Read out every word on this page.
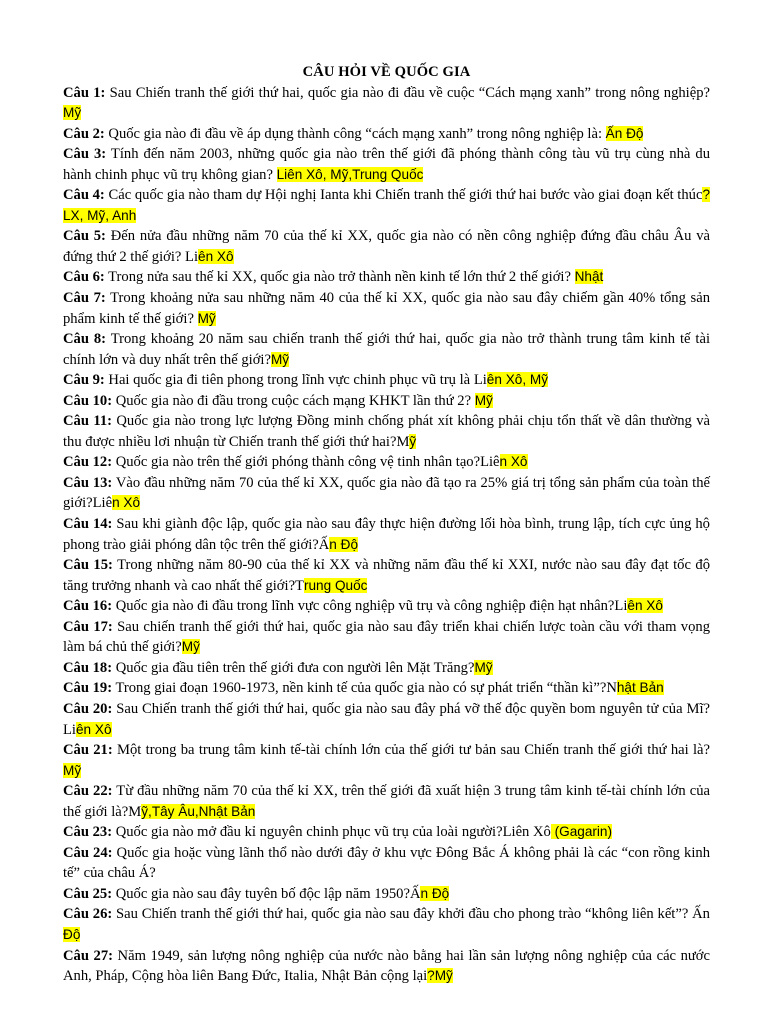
CÂU HỎI VỀ QUỐC GIA

Câu 1: Sau Chiến tranh thế giới thứ hai, quốc gia nào đi đầu về cuộc “Cách mạng xanh” trong nông nghiệp? Mỹ

Câu 2: Quốc gia nào đi đầu về áp dụng thành công “cách mạng xanh” trong nông nghiệp là: Ấn Độ

Câu 3: Tính đến năm 2003, những quốc gia nào trên thế giới đã phóng thành công tàu vũ trụ cùng nhà du hành chinh phục vũ trụ không gian? Liên Xô, Mỹ,Trung Quốc

Câu 4: Các quốc gia nào tham dự Hội nghị Ianta khi Chiến tranh thế giới thứ hai bước vào giai đoạn kết thúc? LX, Mỹ, Anh

Câu 5: Đến nửa đầu những năm 70 của thế kỉ XX, quốc gia nào có nền công nghiệp đứng đầu châu Âu và đứng thứ 2 thế giới? Liên Xô

Câu 6: Trong nửa sau thế kỉ XX, quốc gia nào trở thành nền kinh tế lớn thứ 2 thế giới? Nhật

Câu 7: Trong khoảng nửa sau những năm 40 của thế kỉ XX, quốc gia nào sau đây chiếm gần 40% tổng sản phẩm kinh tế thế giới? Mỹ

Câu 8: Trong khoảng 20 năm sau chiến tranh thế giới thứ hai, quốc gia nào trở thành trung tâm kinh tế tài chính lớn và duy nhất trên thế giới?Mỹ

Câu 9: Hai quốc gia đi tiên phong trong lĩnh vực chinh phục vũ trụ là Liên Xô, Mỹ

Câu 10: Quốc gia nào đi đầu trong cuộc cách mạng KHKT lần thứ 2? Mỹ

Câu 11: Quốc gia nào trong lực lượng Đồng minh chống phát xít không phải chịu tổn thất về dân thường và thu được nhiều lơi nhuận từ Chiến tranh thế giới thứ hai?Mỹ

Câu 12: Quốc gia nào trên thế giới phóng thành công vệ tinh nhân tạo?Liên Xô

Câu 13: Vào đầu những năm 70 của thế kỉ XX, quốc gia nào đã tạo ra 25% giá trị tổng sản phẩm của toàn thế giới?Liên Xô

Câu 14: Sau khi giành độc lập, quốc gia nào sau đây thực hiện đường lối hòa bình, trung lập, tích cực ủng hộ phong trào giải phóng dân tộc trên thế giới?Ấn Độ

Câu 15: Trong những năm 80-90 của thế kỉ XX và những năm đầu thế kỉ XXI, nước nào sau đây đạt tốc độ tăng trưởng nhanh và cao nhất thế giới?Trung Quốc

Câu 16: Quốc gia nào đi đầu trong lĩnh vực công nghiệp vũ trụ và công nghiệp điện hạt nhân?Liên Xô

Câu 17: Sau chiến tranh thế giới thứ hai, quốc gia nào sau đây triển khai chiến lược toàn cầu với tham vọng làm bá chủ thế giới?Mỹ

Câu 18: Quốc gia đầu tiên trên thế giới đưa con người lên Mặt Trăng?Mỹ

Câu 19: Trong giai đoạn 1960-1973, nền kinh tế của quốc gia nào có sự phát triển “thần kì”?Nhật Bản

Câu 20: Sau Chiến tranh thế giới thứ hai, quốc gia nào sau đây phá vỡ thế độc quyền bom nguyên tử của Mĩ?Liên Xô

Câu 21: Một trong ba trung tâm kinh tế-tài chính lớn của thế giới tư bản sau Chiến tranh thế giới thứ hai là?Mỹ

Câu 22: Từ đầu những năm 70 của thế kỉ XX, trên thế giới đã xuất hiện 3 trung tâm kinh tế-tài chính lớn của thế giới là?Mỹ,Tây Âu,Nhật Bản

Câu 23: Quốc gia nào mở đầu kỉ nguyên chinh phục vũ trụ của loài người?Liên Xô (Gagarin)

Câu 24: Quốc gia hoặc vùng lãnh thổ nào dưới đây ở khu vực Đông Bắc Á không phải là các “con rồng kinh tế” của châu Á?

Câu 25: Quốc gia nào sau đây tuyên bố độc lập năm 1950?Ấn Độ

Câu 26: Sau Chiến tranh thế giới thứ hai, quốc gia nào sau đây khởi đầu cho phong trào “không liên kết”? Ấn Độ

Câu 27: Năm 1949, sản lượng nông nghiệp của nước nào bằng hai lần sản lượng nông nghiệp của các nước Anh, Pháp, Cộng hòa liên Bang Đức, Italia, Nhật Bản cộng lại?Mỹ
